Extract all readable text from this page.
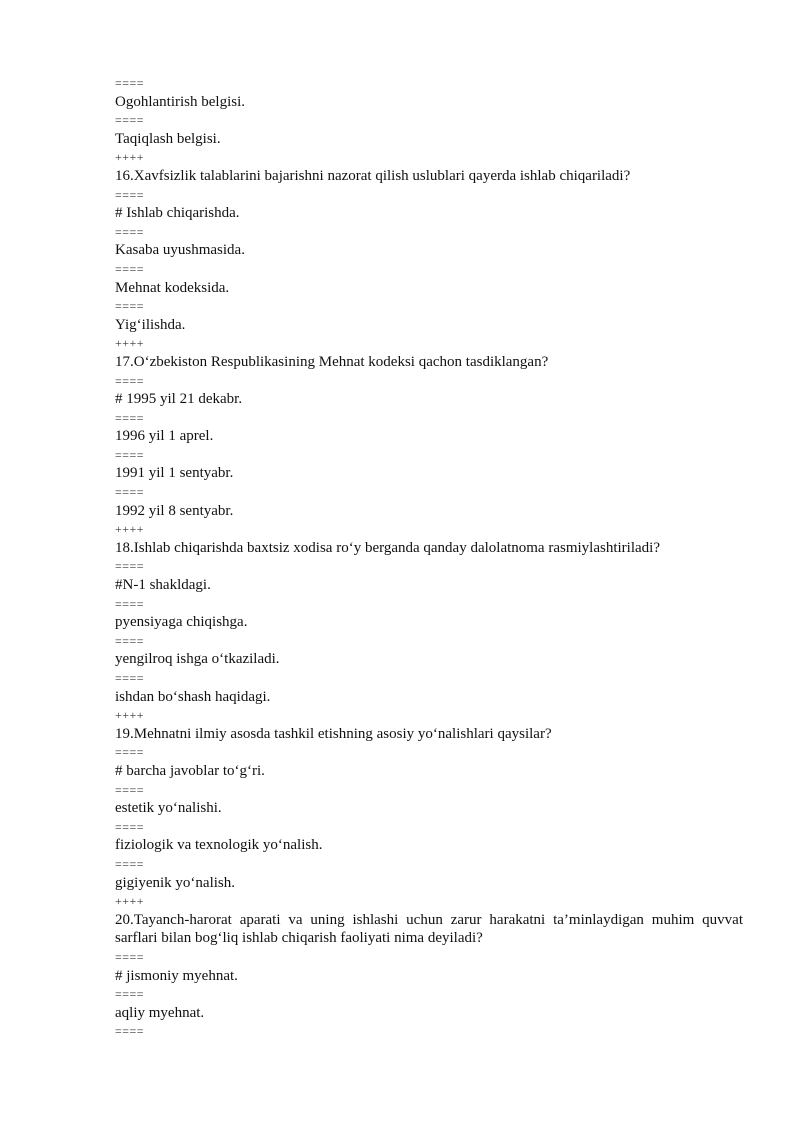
====
Ogohlantirish belgisi.
====
Taqiqlash belgisi.
++++
16.Xavfsizlik talablarini bajarishni nazorat qilish uslublari qayerda ishlab chiqariladi?
====
# Ishlab chiqarishda.
====
Kasaba uyushmasida.
====
Mehnat kodeksida.
====
Yig‘ilishda.
++++
17.O‘zbekiston Respublikasining Mehnat kodeksi qachon tasdiklangan?
====
# 1995 yil 21 dekabr.
====
1996 yil 1 aprel.
====
1991 yil 1 sentyabr.
====
1992 yil 8 sentyabr.
++++
18.Ishlab chiqarishda baxtsiz xodisa ro‘y berganda qanday dalolatnoma rasmiylashtiriladi?
====
#N-1 shakldagi.
====
pyensiyaga chiqishga.
====
yengilroq ishga o‘tkaziladi.
====
ishdan bo‘shash haqidagi.
++++
19.Mehnatni ilmiy asosda tashkil etishning asosiy yo‘nalishlari qaysilar?
====
# barcha javoblar to‘g‘ri.
====
estetik yo‘nalishi.
====
fiziologik va texnologik yo‘nalish.
====
gigiyenik yo‘nalish.
++++
20.Tayanch-harorat aparati va uning ishlashi uchun zarur harakatni ta’minlaydigan muhim quvvat sarflari bilan bog‘liq ishlab chiqarish faoliyati nima deyiladi?
====
# jismoniy myehnat.
====
aqliy myehnat.
====
